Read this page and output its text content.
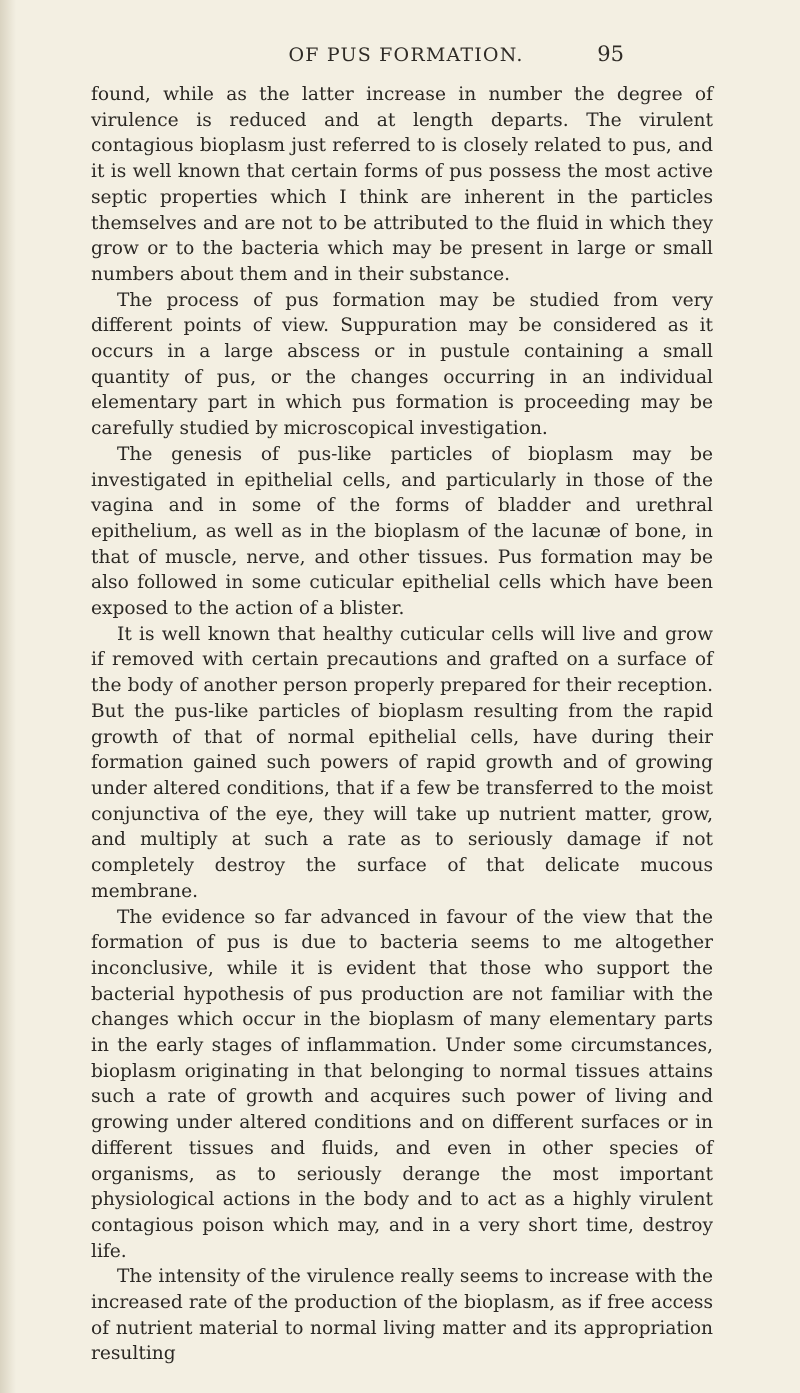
OF PUS FORMATION.	95

found, while as the latter increase in number the degree of virulence is reduced and at length departs. The virulent contagious bioplasm just referred to is closely related to pus, and it is well known that certain forms of pus possess the most active septic properties which I think are inherent in the particles themselves and are not to be attributed to the fluid in which they grow or to the bacteria which may be present in large or small numbers about them and in their substance.

The process of pus formation may be studied from very different points of view. Suppuration may be considered as it occurs in a large abscess or in pustule containing a small quantity of pus, or the changes occurring in an individual elementary part in which pus formation is proceeding may be carefully studied by microscopical investigation.

The genesis of pus-like particles of bioplasm may be investigated in epithelial cells, and particularly in those of the vagina and in some of the forms of bladder and urethral epithelium, as well as in the bioplasm of the lacunæ of bone, in that of muscle, nerve, and other tissues. Pus formation may be also followed in some cuticular epithelial cells which have been exposed to the action of a blister.

It is well known that healthy cuticular cells will live and grow if removed with certain precautions and grafted on a surface of the body of another person properly prepared for their reception. But the pus-like particles of bioplasm resulting from the rapid growth of that of normal epithelial cells, have during their formation gained such powers of rapid growth and of growing under altered conditions, that if a few be transferred to the moist conjunctiva of the eye, they will take up nutrient matter, grow, and multiply at such a rate as to seriously damage if not completely destroy the surface of that delicate mucous membrane.

The evidence so far advanced in favour of the view that the formation of pus is due to bacteria seems to me altogether inconclusive, while it is evident that those who support the bacterial hypothesis of pus production are not familiar with the changes which occur in the bioplasm of many elementary parts in the early stages of inflammation. Under some circumstances, bioplasm originating in that belonging to normal tissues attains such a rate of growth and acquires such power of living and growing under altered conditions and on different surfaces or in different tissues and fluids, and even in other species of organisms, as to seriously derange the most important physiological actions in the body and to act as a highly virulent contagious poison which may, and in a very short time, destroy life.

The intensity of the virulence really seems to increase with the increased rate of the production of the bioplasm, as if free access of nutrient material to normal living matter and its appropriation resulting
